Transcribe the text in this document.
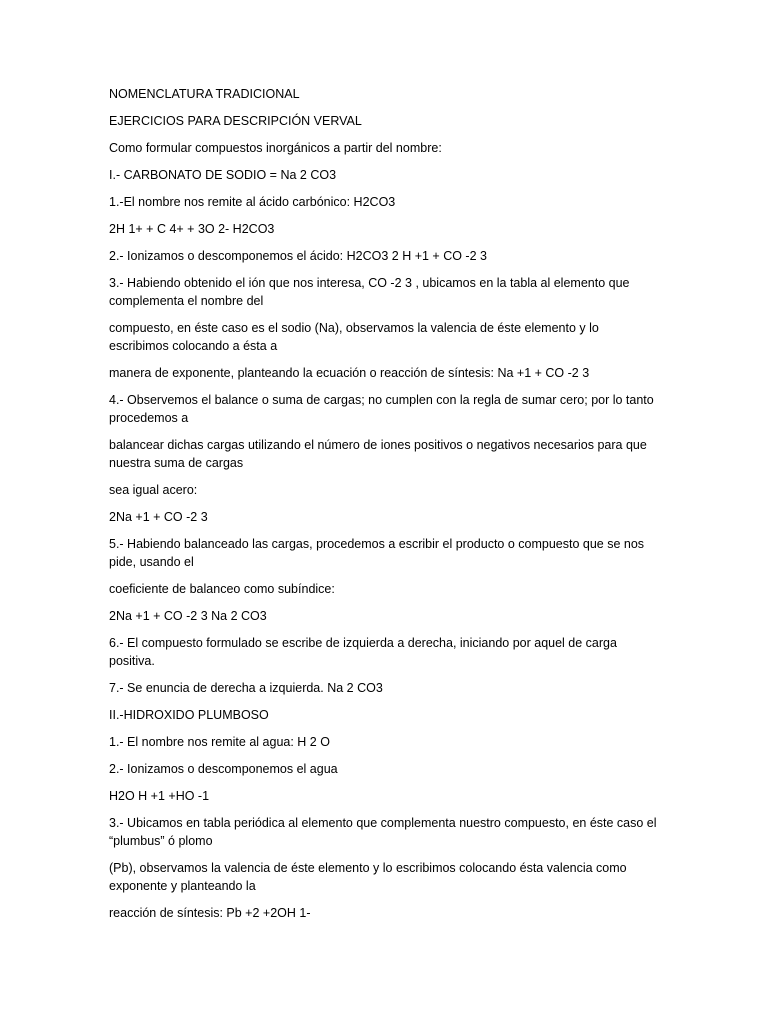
NOMENCLATURA TRADICIONAL

EJERCICIOS PARA DESCRIPCIÓN VERVAL

Como formular compuestos inorgánicos a partir del nombre:

I.- CARBONATO DE SODIO = Na 2 CO3

1.-El nombre nos remite al ácido carbónico: H2CO3

2H 1+ + C 4+ + 3O 2- H2CO3

2.- Ionizamos o descomponemos el ácido: H2CO3 2 H +1 + CO -2 3

3.- Habiendo obtenido el ión que nos interesa, CO -2 3 , ubicamos en la tabla al elemento que complementa el nombre del

compuesto, en éste caso es el sodio (Na), observamos la valencia de éste elemento y lo escribimos colocando a ésta a

manera de exponente, planteando la ecuación o reacción de síntesis: Na +1 + CO -2 3

4.- Observemos el balance o suma de cargas; no cumplen con la regla de sumar cero; por lo tanto procedemos a

balancear dichas cargas utilizando el número de iones positivos o negativos necesarios para que nuestra suma de cargas

sea igual acero:

2Na +1 + CO -2 3

5.- Habiendo balanceado las cargas, procedemos a escribir el producto o compuesto que se nos pide, usando el

coeficiente de balanceo como subíndice:

2Na +1 + CO -2 3 Na 2 CO3

6.- El compuesto formulado se escribe de izquierda a derecha, iniciando por aquel de carga positiva.

7.- Se enuncia de derecha a izquierda. Na 2 CO3

II.-HIDROXIDO PLUMBOSO

1.- El nombre nos remite al agua: H 2 O

2.- Ionizamos o descomponemos el agua

H2O H +1 +HO -1

3.- Ubicamos en tabla periódica al elemento que complementa nuestro compuesto, en éste caso el “plumbus” ó plomo

(Pb), observamos la valencia de éste elemento y lo escribimos colocando ésta valencia como exponente y planteando la

reacción de síntesis: Pb +2 +2OH 1-
